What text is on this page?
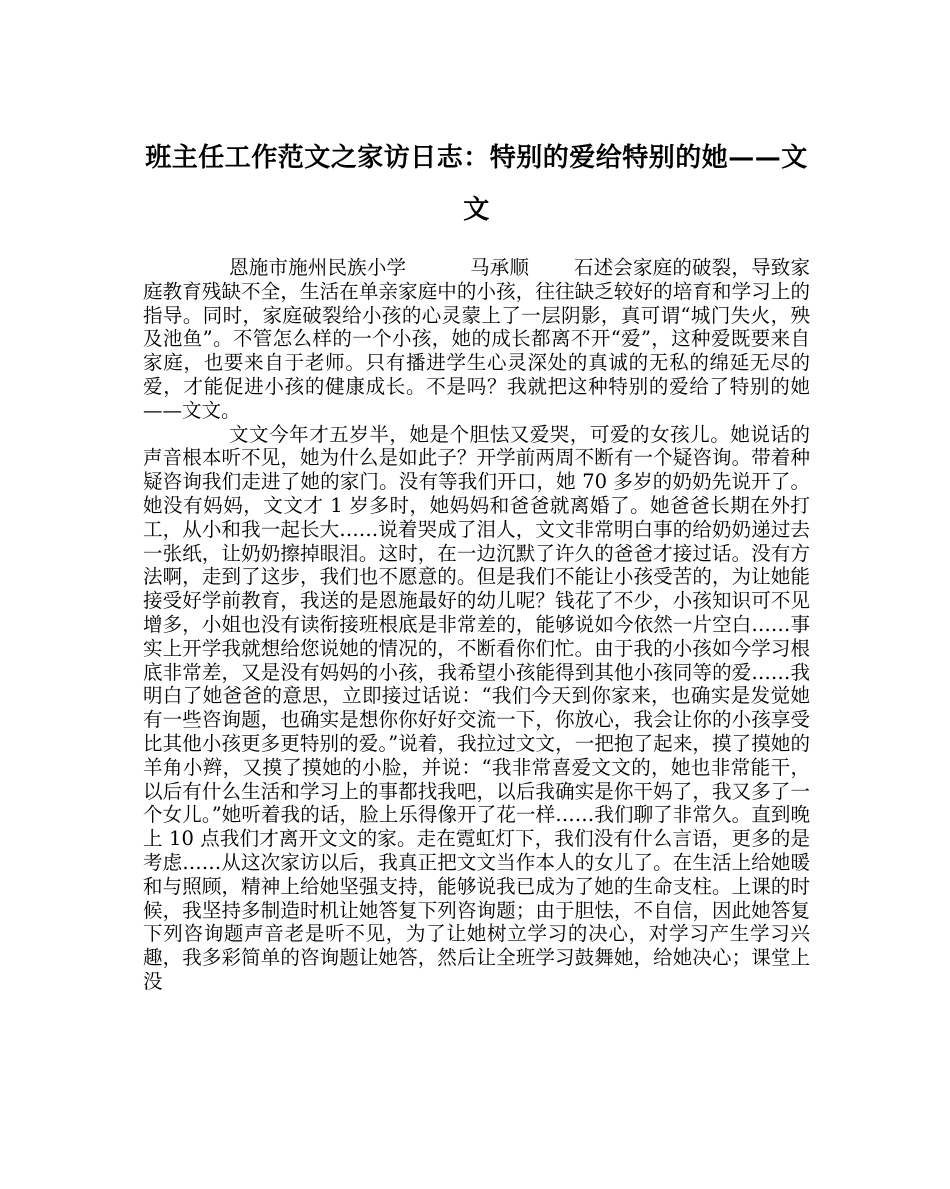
班主任工作范文之家访日志：特别的爱给特别的她——文文

恩施市施州民族小学          马承顺       石述会家庭的破裂，导致家庭教育残缺不全，生活在单亲家庭中的小孩，往往缺乏较好的培育和学习上的指导。同时，家庭破裂给小孩的心灵蒙上了一层阴影，真可谓“城门失火，殃及池鱼”。不管怎么样的一个小孩，她的成长都离不开“爱”，这种爱既要来自家庭，也要来自于老师。只有播进学生心灵深处的真诚的无私的绵延无尽的爱，才能促进小孩的健康成长。不是吗？我就把这种特别的爱给了特别的她——文文。

文文今年才五岁半，她是个胆怯又爱哭，可爱的女孩儿。她说话的声音根本听不见，她为什么是如此子？开学前两周不断有一个疑咨询。带着种疑咨询我们走进了她的家门。没有等我们开口，她 70 多岁的奶奶先说开了。她没有妈妈，文文才 1 岁多时，她妈妈和爸爸就离婚了。她爸爸长期在外打工，从小和我一起长大……说着哭成了泪人，文文非常明白事的给奶奶递过去一张纸，让奶奶擦掉眼泪。这时，在一边沉默了许久的爸爸才接过话。没有方法啊，走到了这步，我们也不愿意的。但是我们不能让小孩受苦的，为让她能接受好学前教育，我送的是恩施最好的幼儿呢？钱花了不少，小孩知识可不见增多，小姐也没有读衔接班根底是非常差的，能够说如今依然一片空白……事实上开学我就想给您说她的情况的，不断看你们忙。由于我的小孩如今学习根底非常差，又是没有妈妈的小孩，我希望小孩能得到其他小孩同等的爱……我明白了她爸爸的意思，立即接过话说：“我们今天到你家来，也确实是发觉她有一些咨询题，也确实是想你你好好交流一下，你放心，我会让你的小孩享受比其他小孩更多更特别的爱。”说着，我拉过文文，一把抱了起来，摸了摸她的羊角小辫，又摸了摸她的小脸，并说：“我非常喜爱文文的，她也非常能干，以后有什么生活和学习上的事都找我吧，以后我确实是你干妈了，我又多了一个女儿。”她听着我的话，脸上乐得像开了花一样……我们聊了非常久。直到晚上 10 点我们才离开文文的家。走在霓虹灯下，我们没有什么言语，更多的是考虑……从这次家访以后，我真正把文文当作本人的女儿了。在生活上给她暖和与照顾，精神上给她坚强支持，能够说我已成为了她的生命支柱。上课的时候，我坚持多制造时机让她答复下列咨询题；由于胆怯，不自信，因此她答复下列咨询题声音老是听不见，为了让她树立学习的决心，对学习产生学习兴趣，我多彩简单的咨询题让她答，然后让全班学习鼓舞她，给她决心；课堂上没
